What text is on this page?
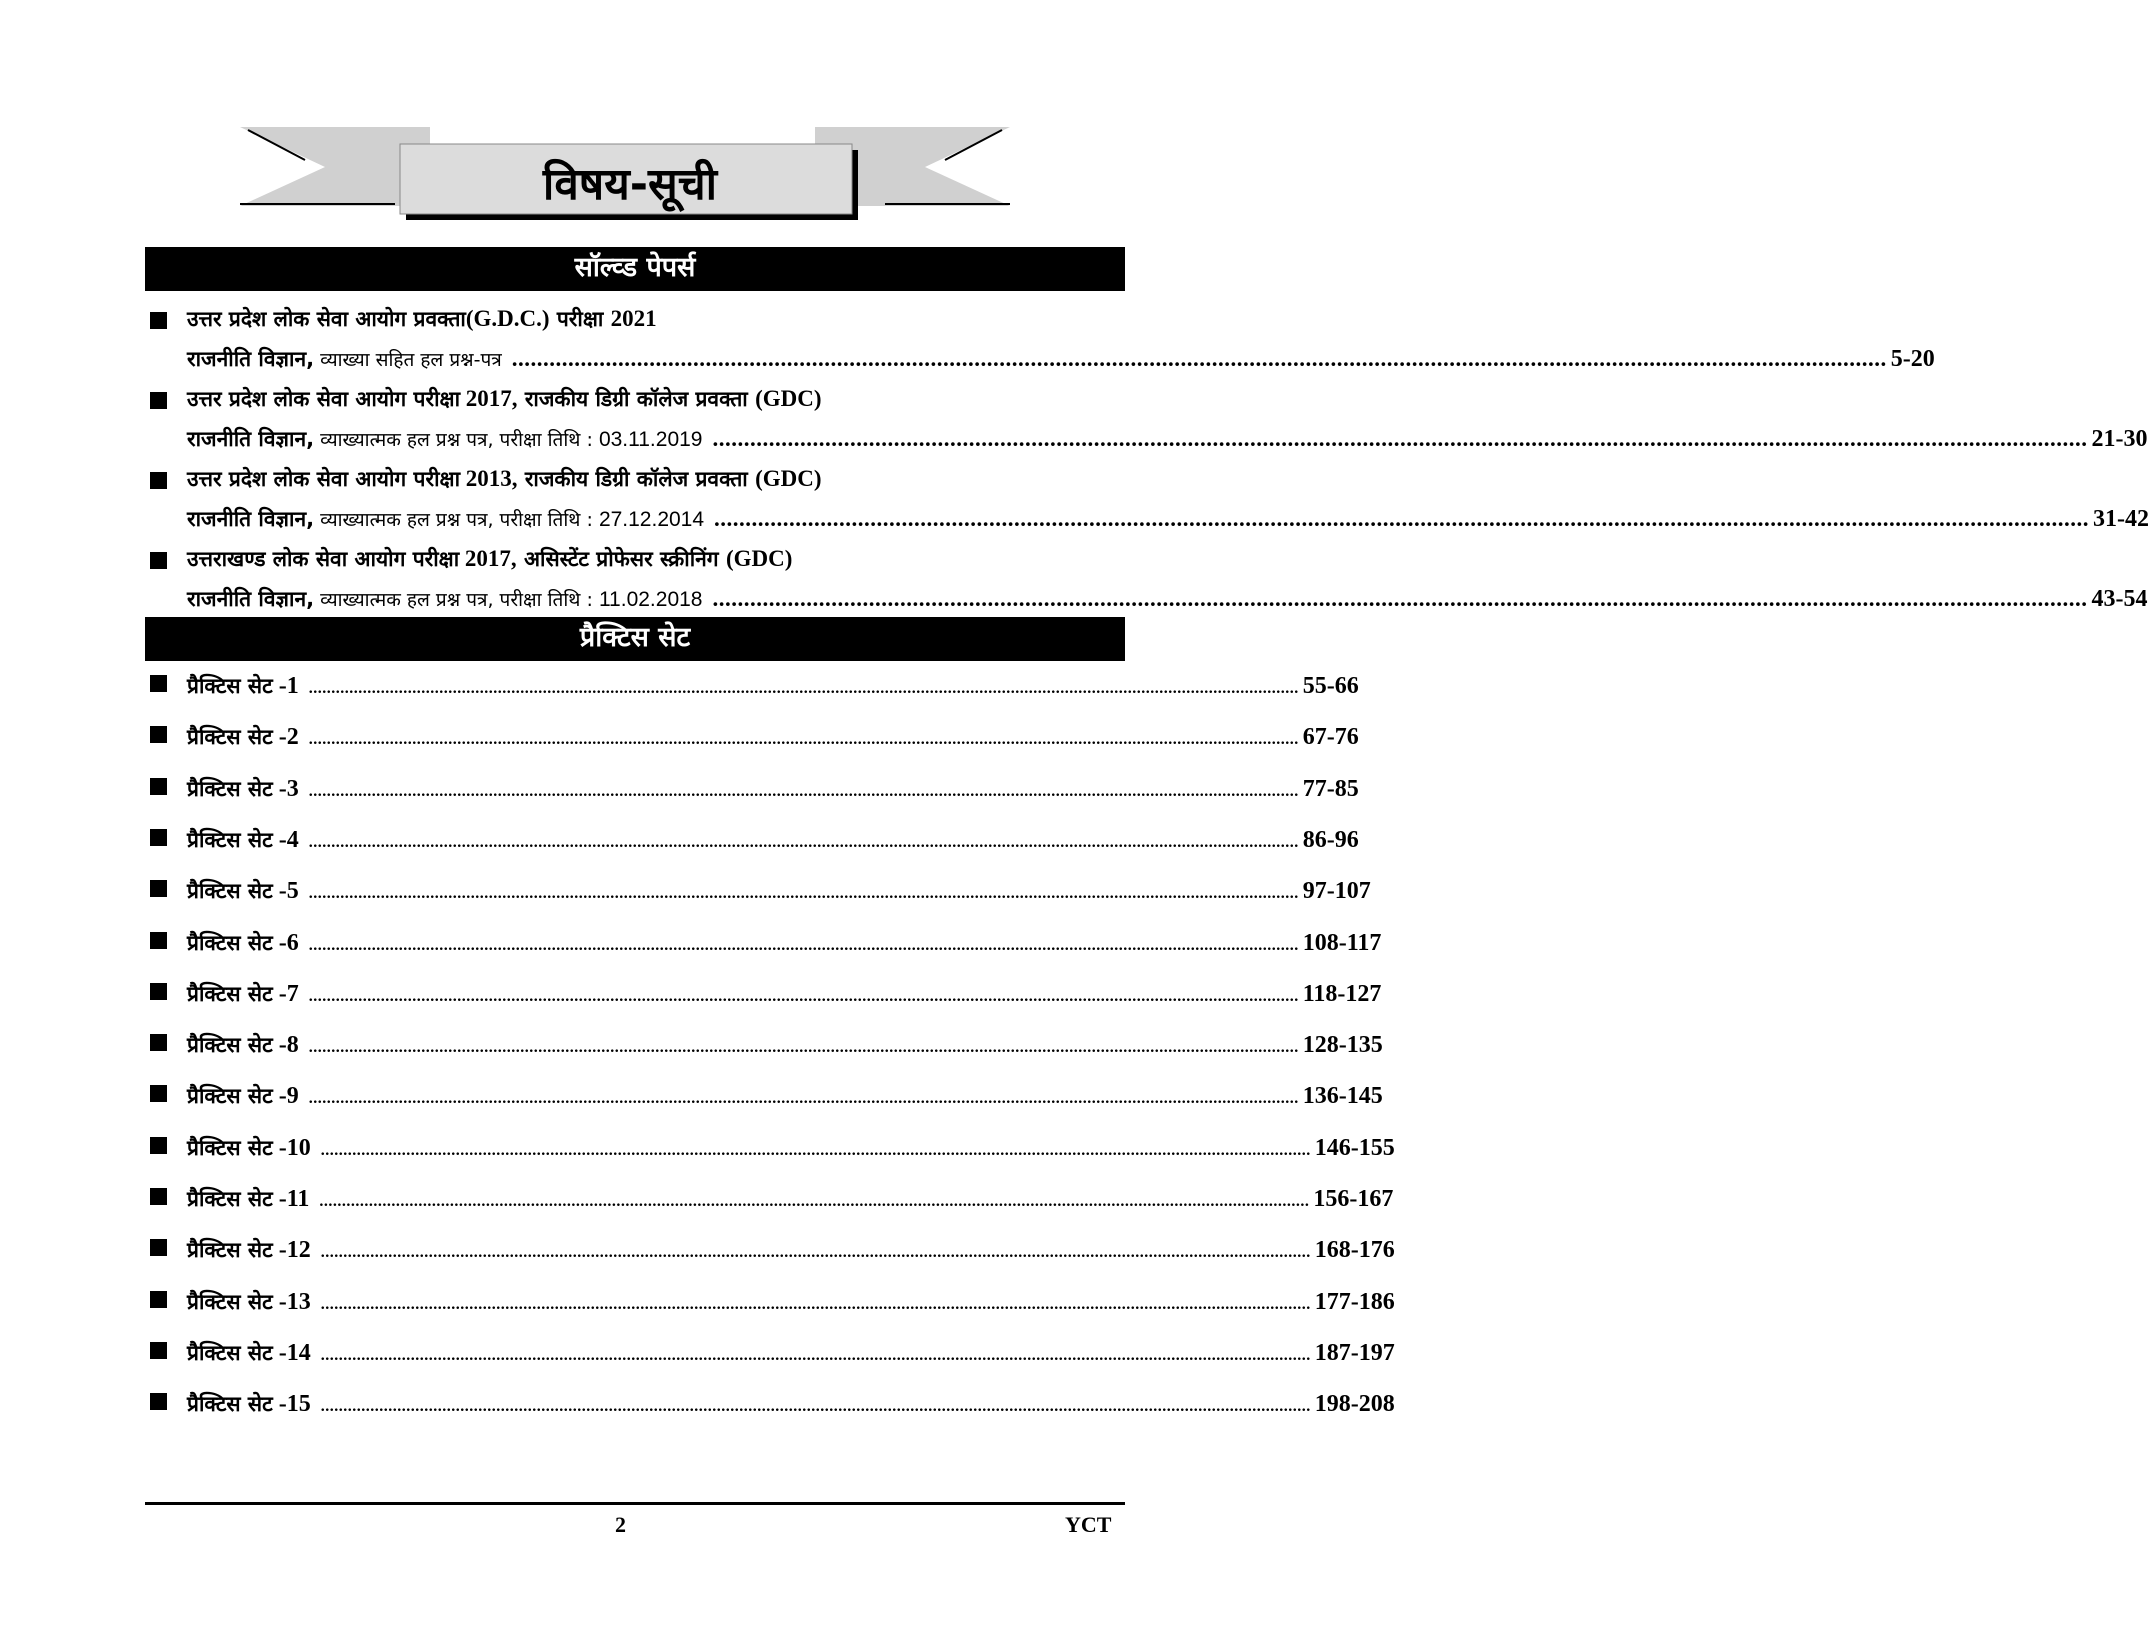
विषय-सूची
सॉल्व्ड पेपर्स
उत्तर प्रदेश लोक सेवा आयोग प्रवक्ता(G.D.C.) परीक्षा 2021
राजनीति विज्ञान, व्याख्या सहित हल प्रश्न-पत्र ............................................................................................................................................................................................................................ 5-20
उत्तर प्रदेश लोक सेवा आयोग परीक्षा 2017, राजकीय डिग्री कॉलेज प्रवक्ता (GDC)
राजनीति विज्ञान, व्याख्यात्मक हल प्रश्न पत्र, परीक्षा तिथि : 03.11.2019 ............................................................................................................................................................................................................................ 21-30
उत्तर प्रदेश लोक सेवा आयोग परीक्षा 2013, राजकीय डिग्री कॉलेज प्रवक्ता (GDC)
राजनीति विज्ञान, व्याख्यात्मक हल प्रश्न पत्र, परीक्षा तिथि : 27.12.2014 ............................................................................................................................................................................................................................ 31-42
उत्तराखण्ड लोक सेवा आयोग परीक्षा 2017, असिस्टेंट प्रोफेसर स्क्रीनिंग (GDC)
राजनीति विज्ञान, व्याख्यात्मक हल प्रश्न पत्र, परीक्षा तिथि : 11.02.2018 ............................................................................................................................................................................................................................ 43-54
प्रैक्टिस सेट
प्रैक्टिस सेट -1 ............................................................................................................................................................................................................................ 55-66
प्रैक्टिस सेट -2 ............................................................................................................................................................................................................................ 67-76
प्रैक्टिस सेट -3 ............................................................................................................................................................................................................................ 77-85
प्रैक्टिस सेट -4 ............................................................................................................................................................................................................................ 86-96
प्रैक्टिस सेट -5 ............................................................................................................................................................................................................................ 97-107
प्रैक्टिस सेट -6 ............................................................................................................................................................................................................................ 108-117
प्रैक्टिस सेट -7 ............................................................................................................................................................................................................................ 118-127
प्रैक्टिस सेट -8 ............................................................................................................................................................................................................................ 128-135
प्रैक्टिस सेट -9 ............................................................................................................................................................................................................................ 136-145
प्रैक्टिस सेट -10 ............................................................................................................................................................................................................................ 146-155
प्रैक्टिस सेट -11 ............................................................................................................................................................................................................................ 156-167
प्रैक्टिस सेट -12 ............................................................................................................................................................................................................................ 168-176
प्रैक्टिस सेट -13 ............................................................................................................................................................................................................................ 177-186
प्रैक्टिस सेट -14 ............................................................................................................................................................................................................................ 187-197
प्रैक्टिस सेट -15 ............................................................................................................................................................................................................................ 198-208
2	YCT
